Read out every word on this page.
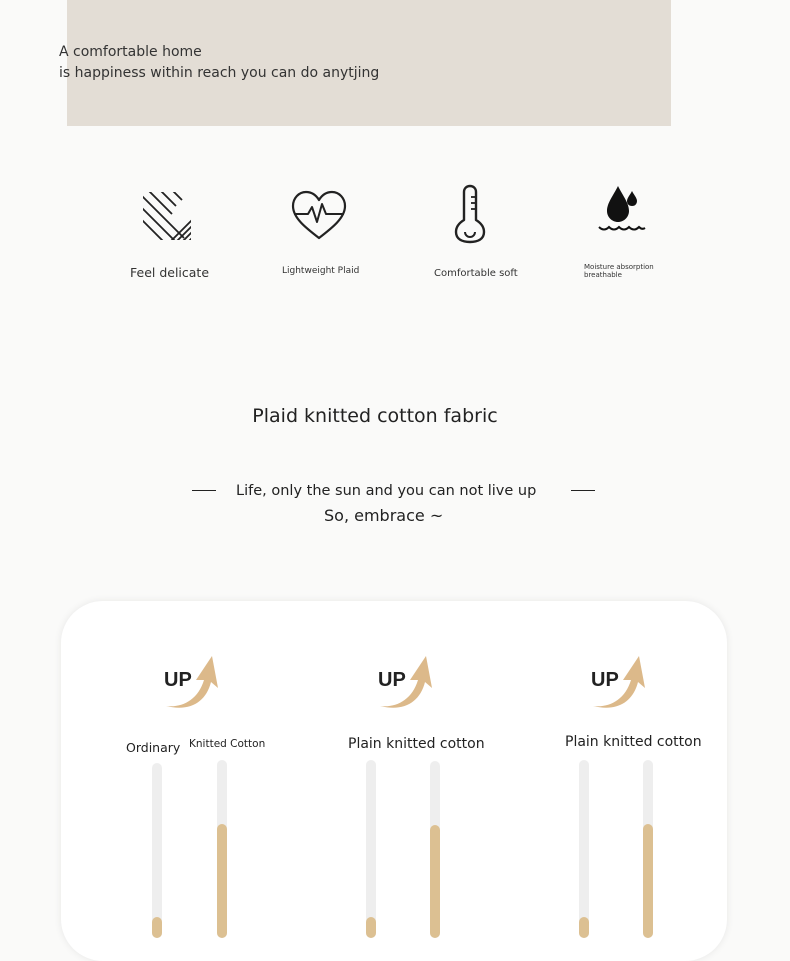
A comfortable home
is happiness within reach you can do anytjing
Feel delicate	Lightweight Plaid	Comfortable soft
Moisture absorption
breathable
Plaid knitted cotton fabric
Life, only the sun and you can not live up
So, embrace ~
UP
Ordinary Knitted Cotton
UP
Plain knitted cotton
UP
Plain knitted cotton
